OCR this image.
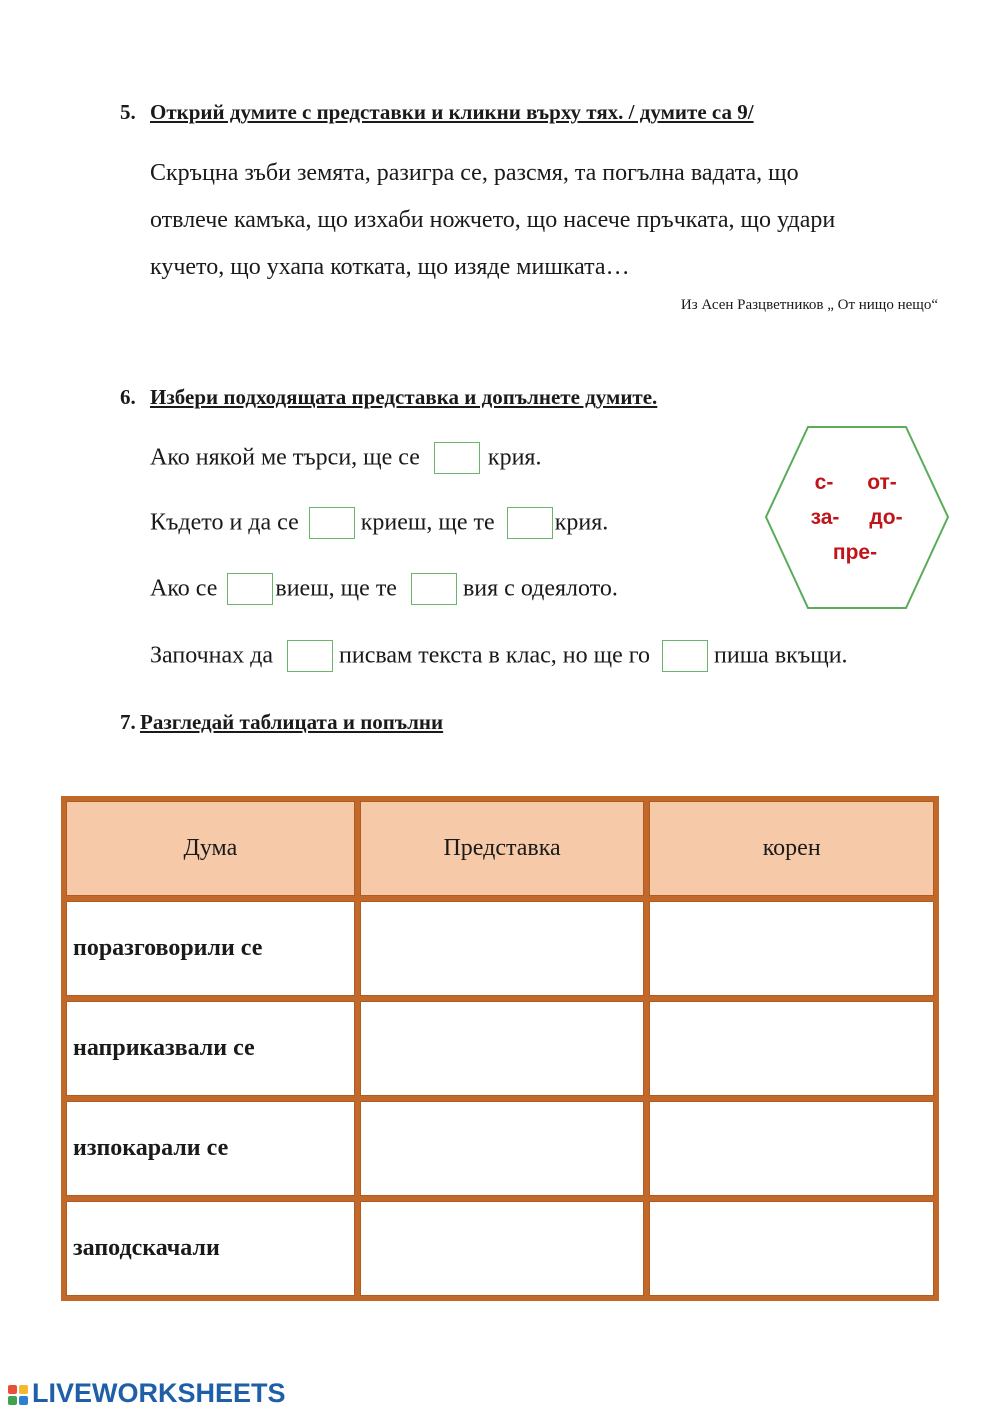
5. Открий думите с представки и кликни върху тях. / думите са 9/
Скръцна зъби земята, разигра се, разсмя, та погълна вадата, що
отвлече камъка, що изхаби ножчето, що насече пръчката, що удари
кучето, що ухапа котката, що изяде мишката…
Из Асен Разцветников „ От нищо нещо“
6. Избери подходящата представка и допълнете думите.
Ако някой ме търси, ще се	крия.
Където и да се	криеш, ще те	крия.
Ако се виеш, ще те	вия с одеялото.
Започнах да	писвам текста в клас, но ще го	пиша вкъщи.
с- от-
за- до-
пре-
7. Разгледай таблицата и попълни
Дума	Представка	корен
поразговорили се		
наприказвали се		
изпокарали се		
заподскачали		
LIVEWORKSHEETS
